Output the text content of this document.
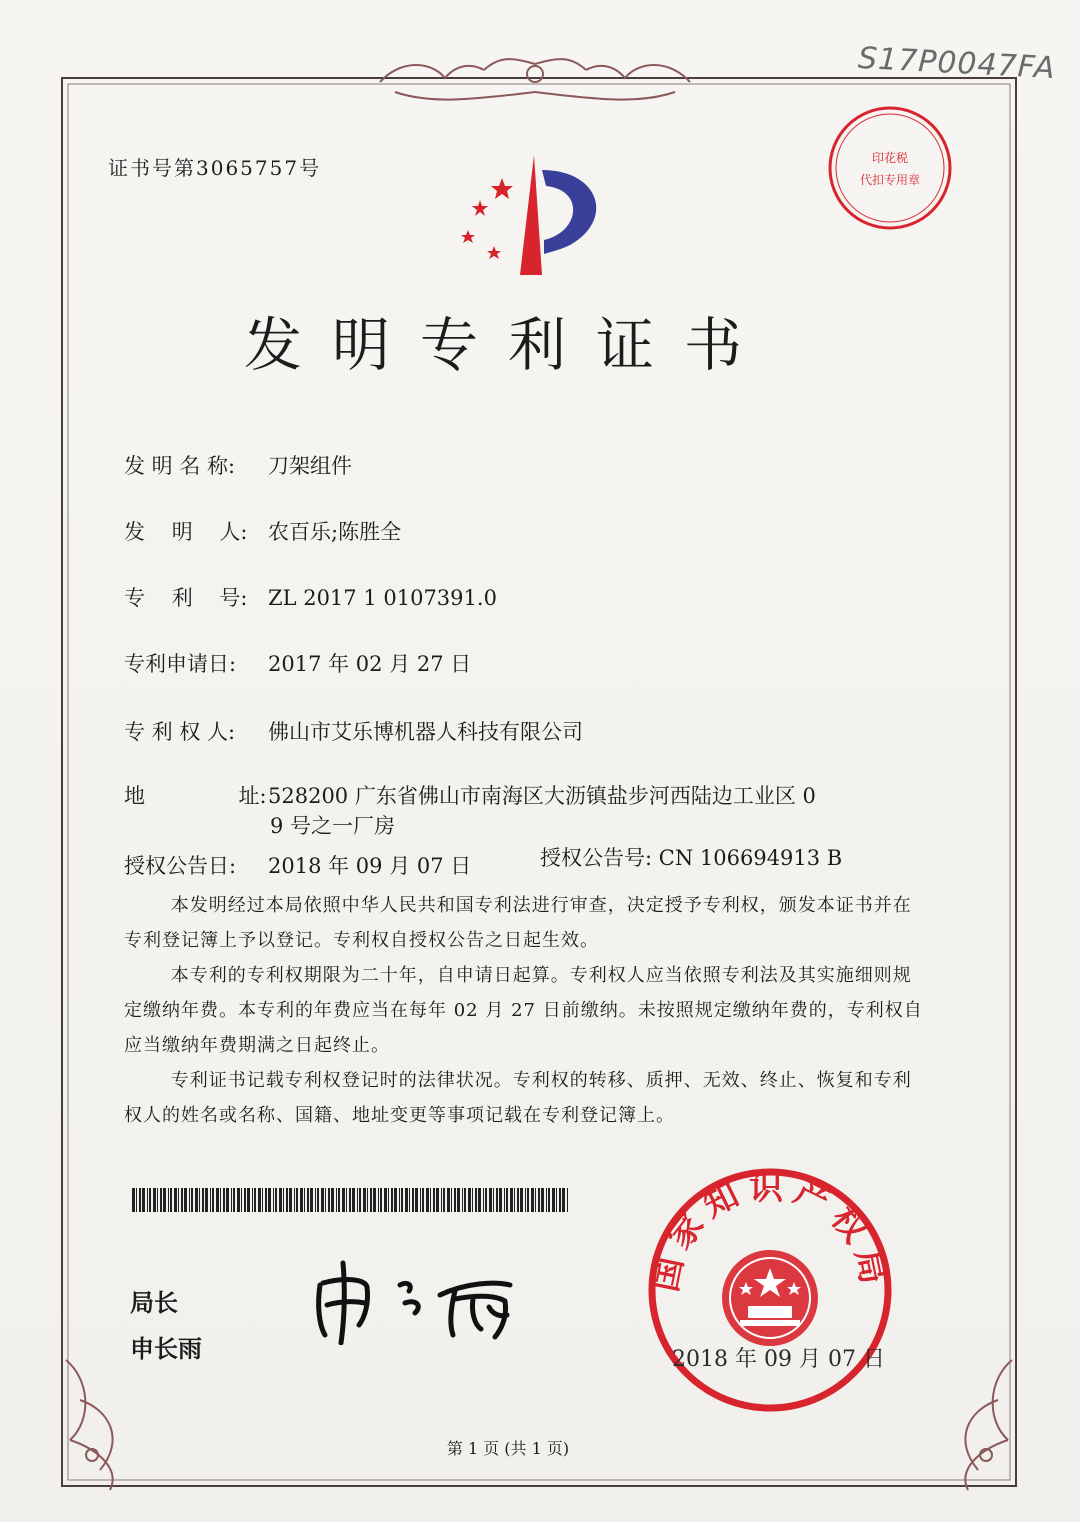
S17P0047FA
证书号第3065757号	印花税
代扣专用章
发明专利证书
发 明 名 称:	刀架组件
发    明    人: 农百乐;陈胜全
专    利    号: ZL 2017 1 0107391.0
专利申请日:	2017 年 02 月 27 日
专 利 权 人:	佛山市艾乐博机器人科技有限公司
地              址: 528200 广东省佛山市南海区大沥镇盐步河西陆边工业区 0
9 号之一厂房
授权公告日:	2018 年 09 月 07 日	授权公告号: CN 106694913 B

本发明经过本局依照中华人民共和国专利法进行审查，决定授予专利权，颁发本证书并在专利登记簿上予以登记。专利权自授权公告之日起生效。

本专利的专利权期限为二十年，自申请日起算。专利权人应当依照专利法及其实施细则规定缴纳年费。本专利的年费应当在每年 02 月 27 日前缴纳。未按照规定缴纳年费的，专利权自应当缴纳年费期满之日起终止。

专利证书记载专利权登记时的法律状况。专利权的转移、质押、无效、终止、恢复和专利权人的姓名或名称、国籍、地址变更等事项记载在专利登记簿上。

局长
申长雨
国家知识产权局
2018 年 09 月 07 日
第 1 页 (共 1 页)
